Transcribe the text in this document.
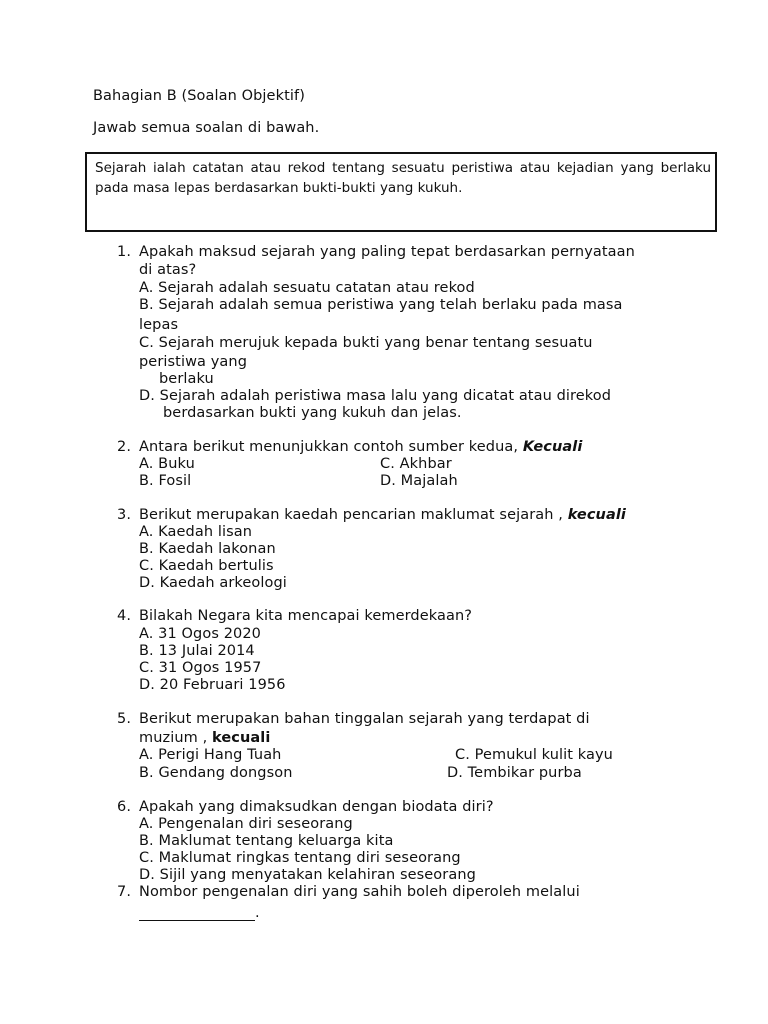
Bahagian B (Soalan Objektif)
Jawab semua soalan di bawah.
Sejarah ialah catatan atau rekod tentang sesuatu peristiwa atau kejadian yang berlaku pada masa lepas berdasarkan bukti-bukti yang kukuh.
1. Apakah maksud sejarah yang paling tepat berdasarkan pernyataan
di atas?
A. Sejarah adalah sesuatu catatan atau rekod
B. Sejarah adalah semua peristiwa yang telah berlaku pada masa
lepas
C. Sejarah merujuk kepada bukti yang benar tentang sesuatu
peristiwa yang
berlaku
D. Sejarah adalah peristiwa masa lalu yang dicatat atau direkod
berdasarkan bukti yang kukuh dan jelas.
2. Antara berikut menunjukkan contoh sumber kedua, Kecuali
A. Buku	C. Akhbar
B. Fosil	D. Majalah
3. Berikut merupakan kaedah pencarian maklumat sejarah , kecuali
A. Kaedah lisan
B. Kaedah lakonan
C. Kaedah bertulis
D. Kaedah arkeologi
4. Bilakah Negara kita mencapai kemerdekaan?
A. 31 Ogos 2020
B. 13 Julai 2014
C. 31 Ogos 1957
D. 20 Februari 1956
5. Berikut merupakan bahan tinggalan sejarah yang terdapat di
muzium , kecuali
A. Perigi Hang Tuah	C. Pemukul kulit kayu
B. Gendang dongson	D. Tembikar purba
6. Apakah yang dimaksudkan dengan biodata diri?
A. Pengenalan diri seseorang
B. Maklumat tentang keluarga kita
C. Maklumat ringkas tentang diri seseorang
D. Sijil yang menyatakan kelahiran seseorang
7. Nombor pengenalan diri yang sahih boleh diperoleh melalui
.
